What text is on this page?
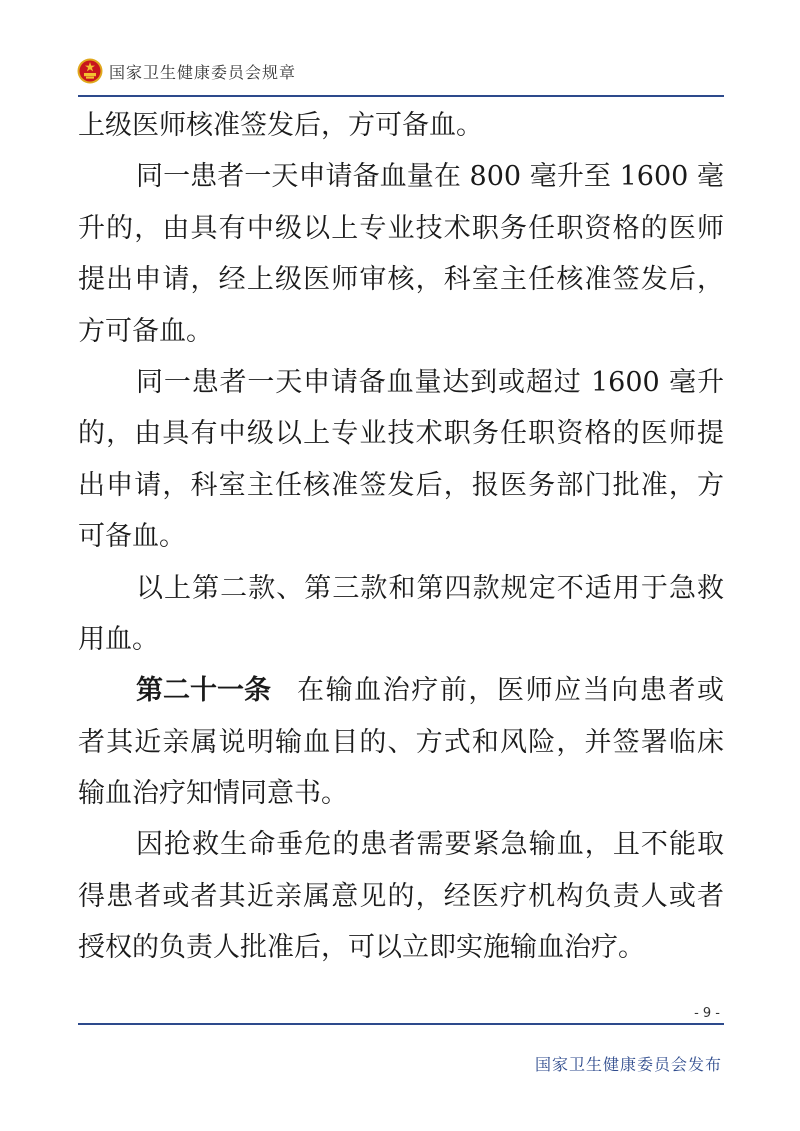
国家卫生健康委员会规章
上级医师核准签发后，方可备血。
同一患者一天申请备血量在 800 毫升至 1600 毫
升的，由具有中级以上专业技术职务任职资格的医师
提出申请，经上级医师审核，科室主任核准签发后，
方可备血。
同一患者一天申请备血量达到或超过 1600 毫升
的，由具有中级以上专业技术职务任职资格的医师提
出申请，科室主任核准签发后，报医务部门批准，方
可备血。
以上第二款、第三款和第四款规定不适用于急救
用血。
第二十一条 在输血治疗前，医师应当向患者或
者其近亲属说明输血目的、方式和风险，并签署临床
输血治疗知情同意书。
因抢救生命垂危的患者需要紧急输血，且不能取
得患者或者其近亲属意见的，经医疗机构负责人或者
授权的负责人批准后，可以立即实施输血治疗。
- 9 -
国家卫生健康委员会发布
